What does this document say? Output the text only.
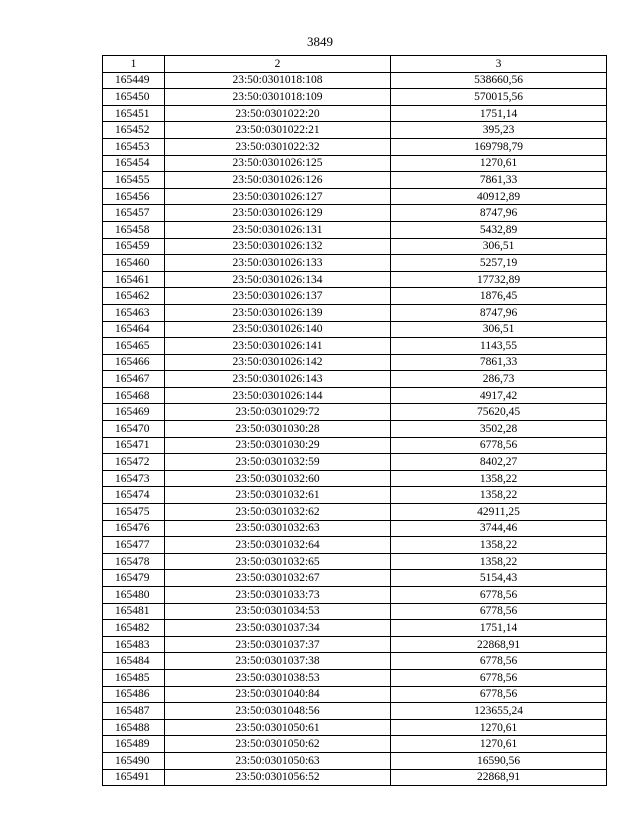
3849
1	2	3
165449	23:50:0301018:108	538660,56
165450	23:50:0301018:109	570015,56
165451	23:50:0301022:20	1751,14
165452	23:50:0301022:21	395,23
165453	23:50:0301022:32	169798,79
165454	23:50:0301026:125	1270,61
165455	23:50:0301026:126	7861,33
165456	23:50:0301026:127	40912,89
165457	23:50:0301026:129	8747,96
165458	23:50:0301026:131	5432,89
165459	23:50:0301026:132	306,51
165460	23:50:0301026:133	5257,19
165461	23:50:0301026:134	17732,89
165462	23:50:0301026:137	1876,45
165463	23:50:0301026:139	8747,96
165464	23:50:0301026:140	306,51
165465	23:50:0301026:141	1143,55
165466	23:50:0301026:142	7861,33
165467	23:50:0301026:143	286,73
165468	23:50:0301026:144	4917,42
165469	23:50:0301029:72	75620,45
165470	23:50:0301030:28	3502,28
165471	23:50:0301030:29	6778,56
165472	23:50:0301032:59	8402,27
165473	23:50:0301032:60	1358,22
165474	23:50:0301032:61	1358,22
165475	23:50:0301032:62	42911,25
165476	23:50:0301032:63	3744,46
165477	23:50:0301032:64	1358,22
165478	23:50:0301032:65	1358,22
165479	23:50:0301032:67	5154,43
165480	23:50:0301033:73	6778,56
165481	23:50:0301034:53	6778,56
165482	23:50:0301037:34	1751,14
165483	23:50:0301037:37	22868,91
165484	23:50:0301037:38	6778,56
165485	23:50:0301038:53	6778,56
165486	23:50:0301040:84	6778,56
165487	23:50:0301048:56	123655,24
165488	23:50:0301050:61	1270,61
165489	23:50:0301050:62	1270,61
165490	23:50:0301050:63	16590,56
165491	23:50:0301056:52	22868,91
